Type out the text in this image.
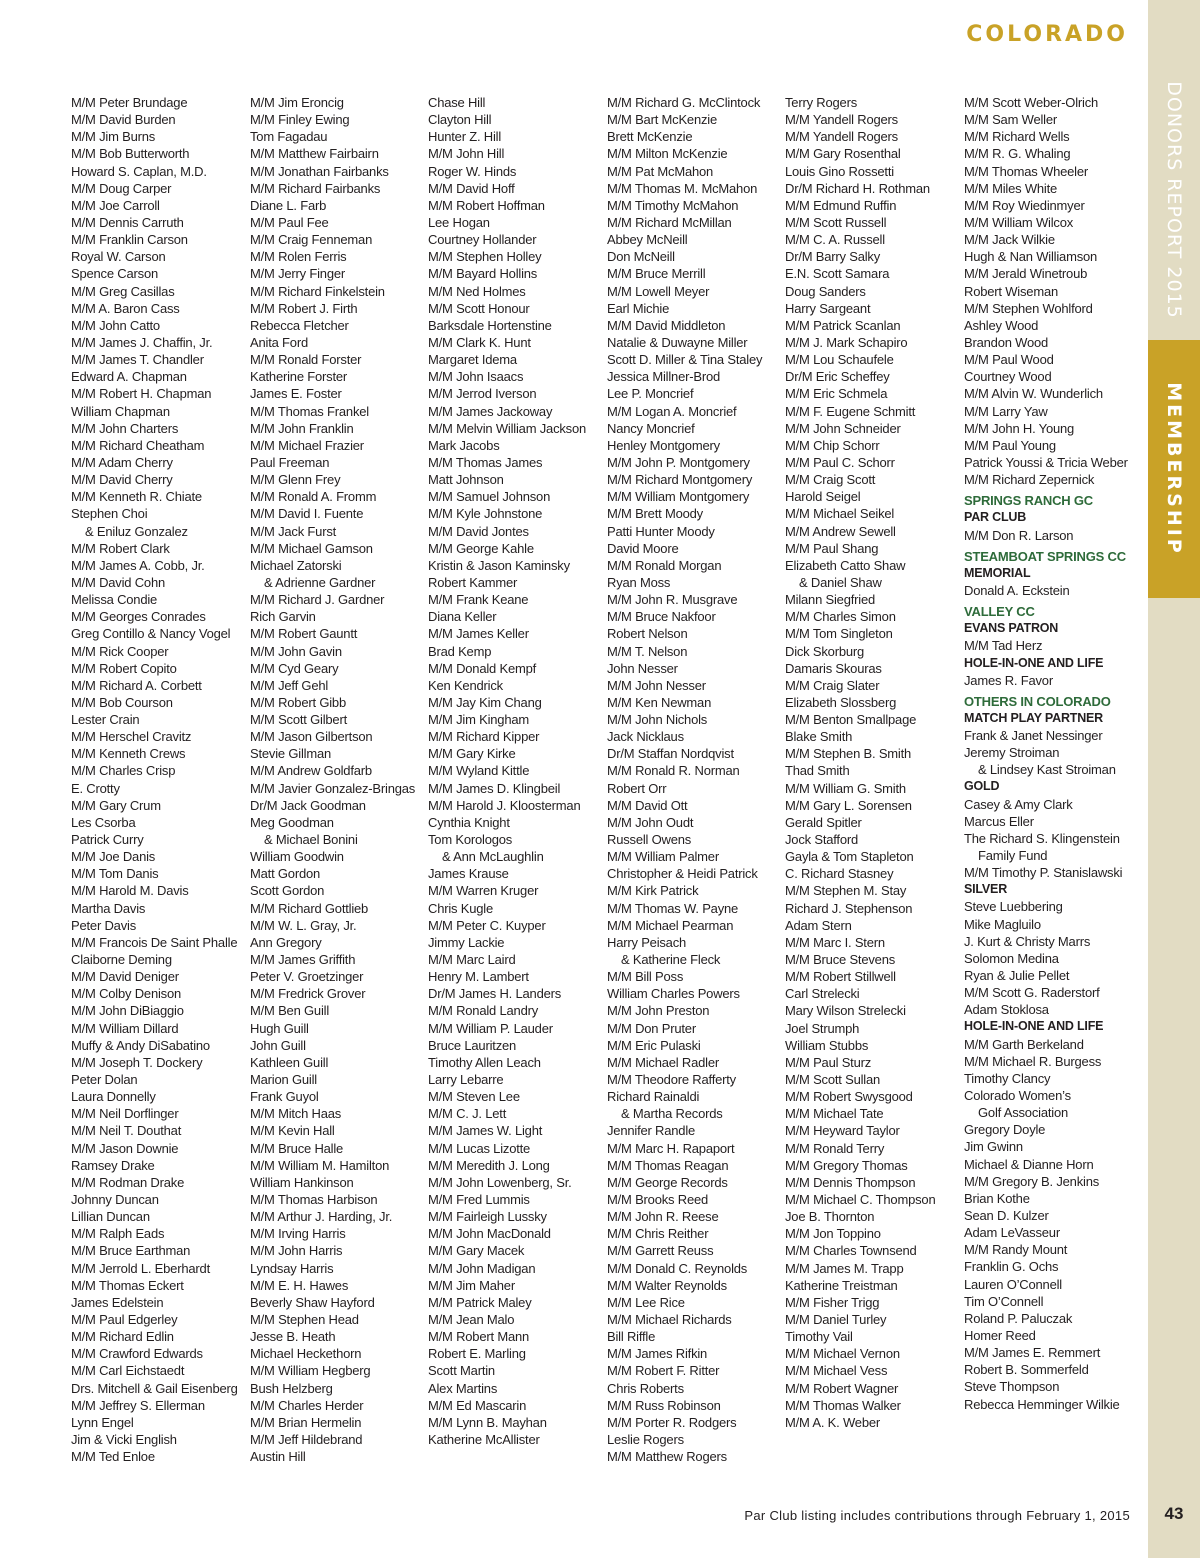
COLORADO
DONORS REPORT 2015
MEMBERSHIP
M/M Peter Brundage
M/M David Burden
M/M Jim Burns
M/M Bob Butterworth
Howard S. Caplan, M.D.
M/M Doug Carper
M/M Joe Carroll
M/M Dennis Carruth
M/M Franklin Carson
Royal W. Carson
Spence Carson
M/M Greg Casillas
M/M A. Baron Cass
M/M John Catto
M/M James J. Chaffin, Jr.
M/M James T. Chandler
Edward A. Chapman
M/M Robert H. Chapman
William Chapman
M/M John Charters
M/M Richard Cheatham
M/M Adam Cherry
M/M David Cherry
M/M Kenneth R. Chiate
Stephen Choi
& Eniluz Gonzalez
M/M Robert Clark
M/M James A. Cobb, Jr.
M/M David Cohn
Melissa Condie
M/M Georges Conrades
Greg Contillo & Nancy Vogel
M/M Rick Cooper
M/M Robert Copito
M/M Richard A. Corbett
M/M Bob Courson
Lester Crain
M/M Herschel Cravitz
M/M Kenneth Crews
M/M Charles Crisp
E. Crotty
M/M Gary Crum
Les Csorba
Patrick Curry
M/M Joe Danis
M/M Tom Danis
M/M Harold M. Davis
Martha Davis
Peter Davis
M/M Francois De Saint Phalle
Claiborne Deming
M/M David Deniger
M/M Colby Denison
M/M John DiBiaggio
M/M William Dillard
Muffy & Andy DiSabatino
M/M Joseph T. Dockery
Peter Dolan
Laura Donnelly
M/M Neil Dorflinger
M/M Neil T. Douthat
M/M Jason Downie
Ramsey Drake
M/M Rodman Drake
Johnny Duncan
Lillian Duncan
M/M Ralph Eads
M/M Bruce Earthman
M/M Jerrold L. Eberhardt
M/M Thomas Eckert
James Edelstein
M/M Paul Edgerley
M/M Richard Edlin
M/M Crawford Edwards
M/M Carl Eichstaedt
Drs. Mitchell & Gail Eisenberg
M/M Jeffrey S. Ellerman
Lynn Engel
Jim & Vicki English
M/M Ted Enloe
M/M Jim Eroncig
M/M Finley Ewing
Tom Fagadau
M/M Matthew Fairbairn
M/M Jonathan Fairbanks
M/M Richard Fairbanks
Diane L. Farb
M/M Paul Fee
M/M Craig Fenneman
M/M Rolen Ferris
M/M Jerry Finger
M/M Richard Finkelstein
M/M Robert J. Firth
Rebecca Fletcher
Anita Ford
M/M Ronald Forster
Katherine Forster
James E. Foster
M/M Thomas Frankel
M/M John Franklin
M/M Michael Frazier
Paul Freeman
M/M Glenn Frey
M/M Ronald A. Fromm
M/M David I. Fuente
M/M Jack Furst
M/M Michael Gamson
Michael Zatorski
& Adrienne Gardner
M/M Richard J. Gardner
Rich Garvin
M/M Robert Gauntt
M/M John Gavin
M/M Cyd Geary
M/M Jeff Gehl
M/M Robert Gibb
M/M Scott Gilbert
M/M Jason Gilbertson
Stevie Gillman
M/M Andrew Goldfarb
M/M Javier Gonzalez-Bringas
Dr/M Jack Goodman
Meg Goodman
& Michael Bonini
William Goodwin
Matt Gordon
Scott Gordon
M/M Richard Gottlieb
M/M W. L. Gray, Jr.
Ann Gregory
M/M James Griffith
Peter V. Groetzinger
M/M Fredrick Grover
M/M Ben Guill
Hugh Guill
John Guill
Kathleen Guill
Marion Guill
Frank Guyol
M/M Mitch Haas
M/M Kevin Hall
M/M Bruce Halle
M/M William M. Hamilton
William Hankinson
M/M Thomas Harbison
M/M Arthur J. Harding, Jr.
M/M Irving Harris
M/M John Harris
Lyndsay Harris
M/M E. H. Hawes
Beverly Shaw Hayford
M/M Stephen Head
Jesse B. Heath
Michael Heckethorn
M/M William Hegberg
Bush Helzberg
M/M Charles Herder
M/M Brian Hermelin
M/M Jeff Hildebrand
Austin Hill
Chase Hill
Clayton Hill
Hunter Z. Hill
M/M John Hill
Roger W. Hinds
M/M David Hoff
M/M Robert Hoffman
Lee Hogan
Courtney Hollander
M/M Stephen Holley
M/M Bayard Hollins
M/M Ned Holmes
M/M Scott Honour
Barksdale Hortenstine
M/M Clark K. Hunt
Margaret Idema
M/M John Isaacs
M/M Jerrod Iverson
M/M James Jackoway
M/M Melvin William Jackson
Mark Jacobs
M/M Thomas James
Matt Johnson
M/M Samuel Johnson
M/M Kyle Johnstone
M/M David Jontes
M/M George Kahle
Kristin & Jason Kaminsky
Robert Kammer
M/M Frank Keane
Diana Keller
M/M James Keller
Brad Kemp
M/M Donald Kempf
Ken Kendrick
M/M Jay Kim Chang
M/M Jim Kingham
M/M Richard Kipper
M/M Gary Kirke
M/M Wyland Kittle
M/M James D. Klingbeil
M/M Harold J. Kloosterman
Cynthia Knight
Tom Korologos
& Ann McLaughlin
James Krause
M/M Warren Kruger
Chris Kugle
M/M Peter C. Kuyper
Jimmy Lackie
M/M Marc Laird
Henry M. Lambert
Dr/M James H. Landers
M/M Ronald Landry
M/M William P. Lauder
Bruce Lauritzen
Timothy Allen Leach
Larry Lebarre
M/M Steven Lee
M/M C. J. Lett
M/M James W. Light
M/M Lucas Lizotte
M/M Meredith J. Long
M/M John Lowenberg, Sr.
M/M Fred Lummis
M/M Fairleigh Lussky
M/M John MacDonald
M/M Gary Macek
M/M John Madigan
M/M Jim Maher
M/M Patrick Maley
M/M Jean Malo
M/M Robert Mann
Robert E. Marling
Scott Martin
Alex Martins
M/M Ed Mascarin
M/M Lynn B. Mayhan
Katherine McAllister
M/M Richard G. McClintock
M/M Bart McKenzie
Brett McKenzie
M/M Milton McKenzie
M/M Pat McMahon
M/M Thomas M. McMahon
M/M Timothy McMahon
M/M Richard McMillan
Abbey McNeill
Don McNeill
M/M Bruce Merrill
M/M Lowell Meyer
Earl Michie
M/M David Middleton
Natalie & Duwayne Miller
Scott D. Miller & Tina Staley
Jessica Millner-Brod
Lee P. Moncrief
M/M Logan A. Moncrief
Nancy Moncrief
Henley Montgomery
M/M John P. Montgomery
M/M Richard Montgomery
M/M William Montgomery
M/M Brett Moody
Patti Hunter Moody
David Moore
M/M Ronald Morgan
Ryan Moss
M/M John R. Musgrave
M/M Bruce Nakfoor
Robert Nelson
M/M T. Nelson
John Nesser
M/M John Nesser
M/M Ken Newman
M/M John Nichols
Jack Nicklaus
Dr/M Staffan Nordqvist
M/M Ronald R. Norman
Robert Orr
M/M David Ott
M/M John Oudt
Russell Owens
M/M William Palmer
Christopher & Heidi Patrick
M/M Kirk Patrick
M/M Thomas W. Payne
M/M Michael Pearman
Harry Peisach
& Katherine Fleck
M/M Bill Poss
William Charles Powers
M/M John Preston
M/M Don Pruter
M/M Eric Pulaski
M/M Michael Radler
M/M Theodore Rafferty
Richard Rainaldi
& Martha Records
Jennifer Randle
M/M Marc H. Rapaport
M/M Thomas Reagan
M/M George Records
M/M Brooks Reed
M/M John R. Reese
M/M Chris Reither
M/M Garrett Reuss
M/M Donald C. Reynolds
M/M Walter Reynolds
M/M Lee Rice
M/M Michael Richards
Bill Riffle
M/M James Rifkin
M/M Robert F. Ritter
Chris Roberts
M/M Russ Robinson
M/M Porter R. Rodgers
Leslie Rogers
M/M Matthew Rogers
Terry Rogers
M/M Yandell Rogers
M/M Yandell Rogers
M/M Gary Rosenthal
Louis Gino Rossetti
Dr/M Richard H. Rothman
M/M Edmund Ruffin
M/M Scott Russell
M/M C. A. Russell
Dr/M Barry Salky
E.N. Scott Samara
Doug Sanders
Harry Sargeant
M/M Patrick Scanlan
M/M J. Mark Schapiro
M/M Lou Schaufele
Dr/M Eric Scheffey
M/M Eric Schmela
M/M F. Eugene Schmitt
M/M John Schneider
M/M Chip Schorr
M/M Paul C. Schorr
M/M Craig Scott
Harold Seigel
M/M Michael Seikel
M/M Andrew Sewell
M/M Paul Shang
Elizabeth Catto Shaw
& Daniel Shaw
Milann Siegfried
M/M Charles Simon
M/M Tom Singleton
Dick Skorburg
Damaris Skouras
M/M Craig Slater
Elizabeth Slossberg
M/M Benton Smallpage
Blake Smith
M/M Stephen B. Smith
Thad Smith
M/M William G. Smith
M/M Gary L. Sorensen
Gerald Spitler
Jock Stafford
Gayla & Tom Stapleton
C. Richard Stasney
M/M Stephen M. Stay
Richard J. Stephenson
Adam Stern
M/M Marc I. Stern
M/M Bruce Stevens
M/M Robert Stillwell
Carl Strelecki
Mary Wilson Strelecki
Joel Strumph
William Stubbs
M/M Paul Sturz
M/M Scott Sullan
M/M Robert Swysgood
M/M Michael Tate
M/M Heyward Taylor
M/M Ronald Terry
M/M Gregory Thomas
M/M Dennis Thompson
M/M Michael C. Thompson
Joe B. Thornton
M/M Jon Toppino
M/M Charles Townsend
M/M James M. Trapp
Katherine Treistman
M/M Fisher Trigg
M/M Daniel Turley
Timothy Vail
M/M Michael Vernon
M/M Michael Vess
M/M Robert Wagner
M/M Thomas Walker
M/M A. K. Weber
M/M Scott Weber-Olrich
M/M Sam Weller
M/M Richard Wells
M/M R. G. Whaling
M/M Thomas Wheeler
M/M Miles White
M/M Roy Wiedinmyer
M/M William Wilcox
M/M Jack Wilkie
Hugh & Nan Williamson
M/M Jerald Winetroub
Robert Wiseman
M/M Stephen Wohlford
Ashley Wood
Brandon Wood
M/M Paul Wood
Courtney Wood
M/M Alvin W. Wunderlich
M/M Larry Yaw
M/M John H. Young
M/M Paul Young
Patrick Youssi & Tricia Weber
M/M Richard Zepernick
SPRINGS RANCH GC
PAR CLUB
M/M Don R. Larson
STEAMBOAT SPRINGS CC
MEMORIAL
Donald A. Eckstein
VALLEY CC
EVANS PATRON
M/M Tad Herz
HOLE-IN-ONE AND LIFE
James R. Favor
OTHERS IN COLORADO
MATCH PLAY PARTNER
Frank & Janet Nessinger
Jeremy Stroiman
& Lindsey Kast Stroiman
GOLD
Casey & Amy Clark
Marcus Eller
The Richard S. Klingenstein
Family Fund
M/M Timothy P. Stanislawski
SILVER
Steve Luebbering
Mike Magluilo
J. Kurt & Christy Marrs
Solomon Medina
Ryan & Julie Pellet
M/M Scott G. Raderstorf
Adam Stoklosa
HOLE-IN-ONE AND LIFE
M/M Garth Berkeland
M/M Michael R. Burgess
Timothy Clancy
Colorado Women’s
Golf Association
Gregory Doyle
Jim Gwinn
Michael & Dianne Horn
M/M Gregory B. Jenkins
Brian Kothe
Sean D. Kulzer
Adam LeVasseur
M/M Randy Mount
Franklin G. Ochs
Lauren O’Connell
Tim O’Connell
Roland P. Paluczak
Homer Reed
M/M James E. Remmert
Robert B. Sommerfeld
Steve Thompson
Rebecca Hemminger Wilkie
Par Club listing includes contributions through February 1, 2015	43
